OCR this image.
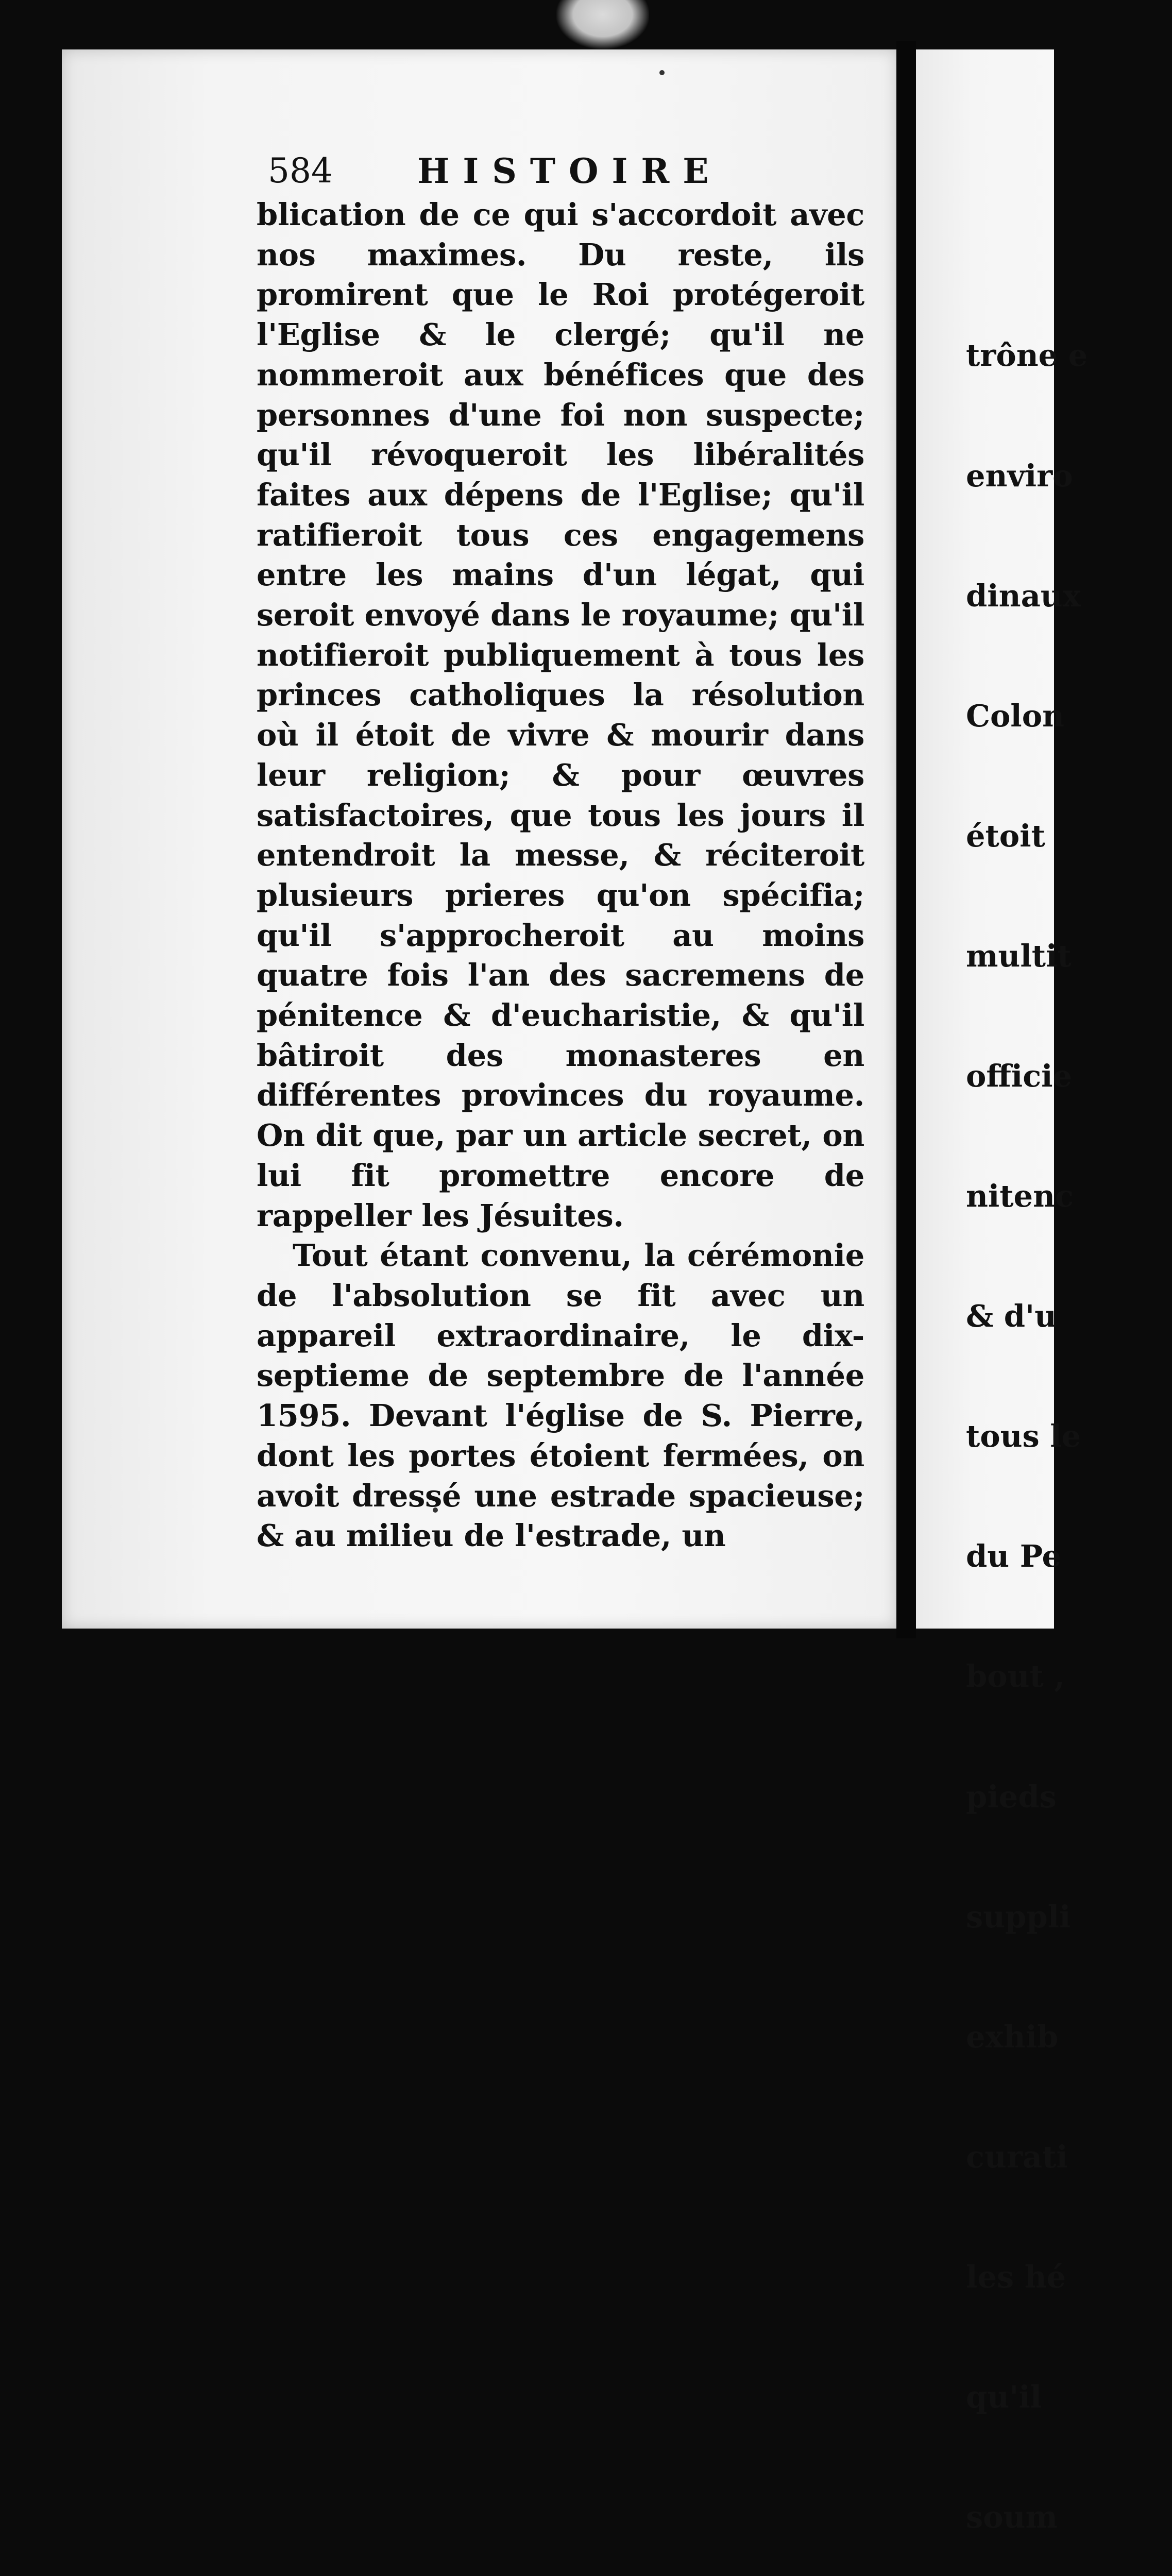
trône e

enviro

dinaux

Colon

étoit

multit

officie

nitenc

& d'u

tous le

du Pe

bout ,

pieds

suppli

exhib

curati

les hé

qu'il

soum

584 HISTOIRE

blication de ce qui s'accordoit avec nos maximes. Du reste, ils promirent que le Roi protégeroit l'Eglise & le clergé; qu'il ne nommeroit aux bénéfices que des personnes d'une foi non suspecte; qu'il révoqueroit les libéralités faites aux dépens de l'Eglise; qu'il ratifieroit tous ces engagemens entre les mains d'un légat, qui seroit envoyé dans le royaume; qu'il notifieroit publiquement à tous les princes catholiques la résolution où il étoit de vivre & mourir dans leur religion; & pour œuvres satisfactoires, que tous les jours il entendroit la messe, & réciteroit plusieurs prieres qu'on spécifia; qu'il s'approcheroit au moins quatre fois l'an des sacremens de pénitence & d'eucharistie, & qu'il bâtiroit des monasteres en différentes provinces du royaume. On dit que, par un article secret, on lui fit promettre encore de rappeller les Jésuites.

Tout étant convenu, la cérémonie de l'absolution se fit avec un appareil extraordinaire, le dix-septieme de septembre de l'année 1595. Devant l'église de S. Pierre, dont les portes étoient fermées, on avoit dressé une estrade spacieuse; & au milieu de l'estrade, un
